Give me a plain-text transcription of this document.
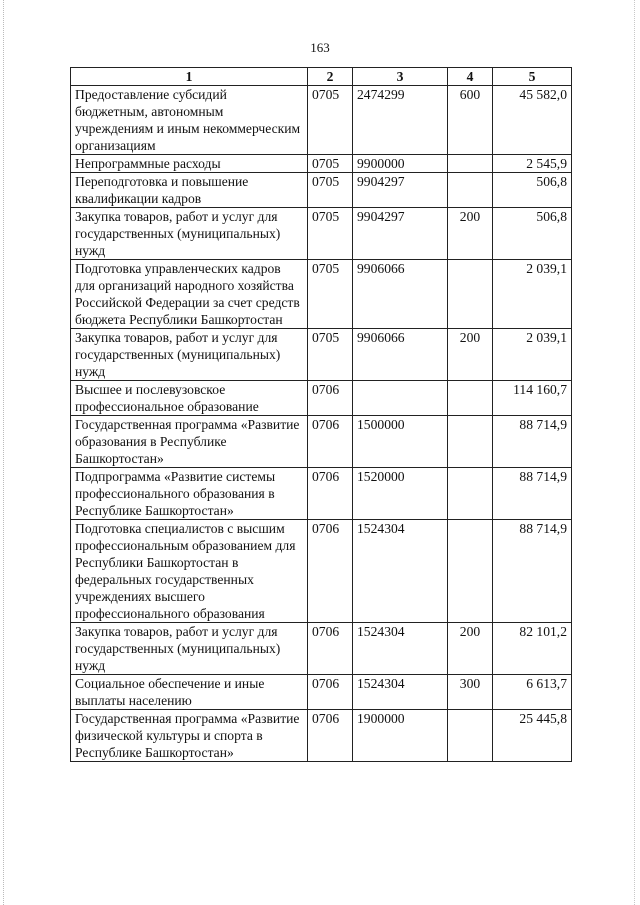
163
1	2	3	4	5
Предоставление субсидий бюджетным, автономным учреждениям и иным некоммерческим организациям	0705	2474299	600	45 582,0
Непрограммные расходы	0705	9900000		2 545,9
Переподготовка и повышение квалификации кадров	0705	9904297		506,8
Закупка товаров, работ и услуг для государственных (муниципальных) нужд	0705	9904297	200	506,8
Подготовка управленческих кадров для организаций народного хозяйства Российской Федерации за счет средств бюджета Республики Башкортостан	0705	9906066		2 039,1
Закупка товаров, работ и услуг для государственных (муниципальных) нужд	0705	9906066	200	2 039,1
Высшее и послевузовское профессиональное образование	0706			114 160,7
Государственная программа «Развитие образования в Республике Башкортостан»	0706	1500000		88 714,9
Подпрограмма «Развитие системы профессионального образования в Республике Башкортостан»	0706	1520000		88 714,9
Подготовка специалистов с высшим профессиональным образованием для Республики Башкортостан в федеральных государственных учреждениях высшего профессионального образования	0706	1524304		88 714,9
Закупка товаров, работ и услуг для государственных (муниципальных) нужд	0706	1524304	200	82 101,2
Социальное обеспечение и иные выплаты населению	0706	1524304	300	6 613,7
Государственная программа «Развитие физической культуры и спорта в Республике Башкортостан»	0706	1900000		25 445,8
